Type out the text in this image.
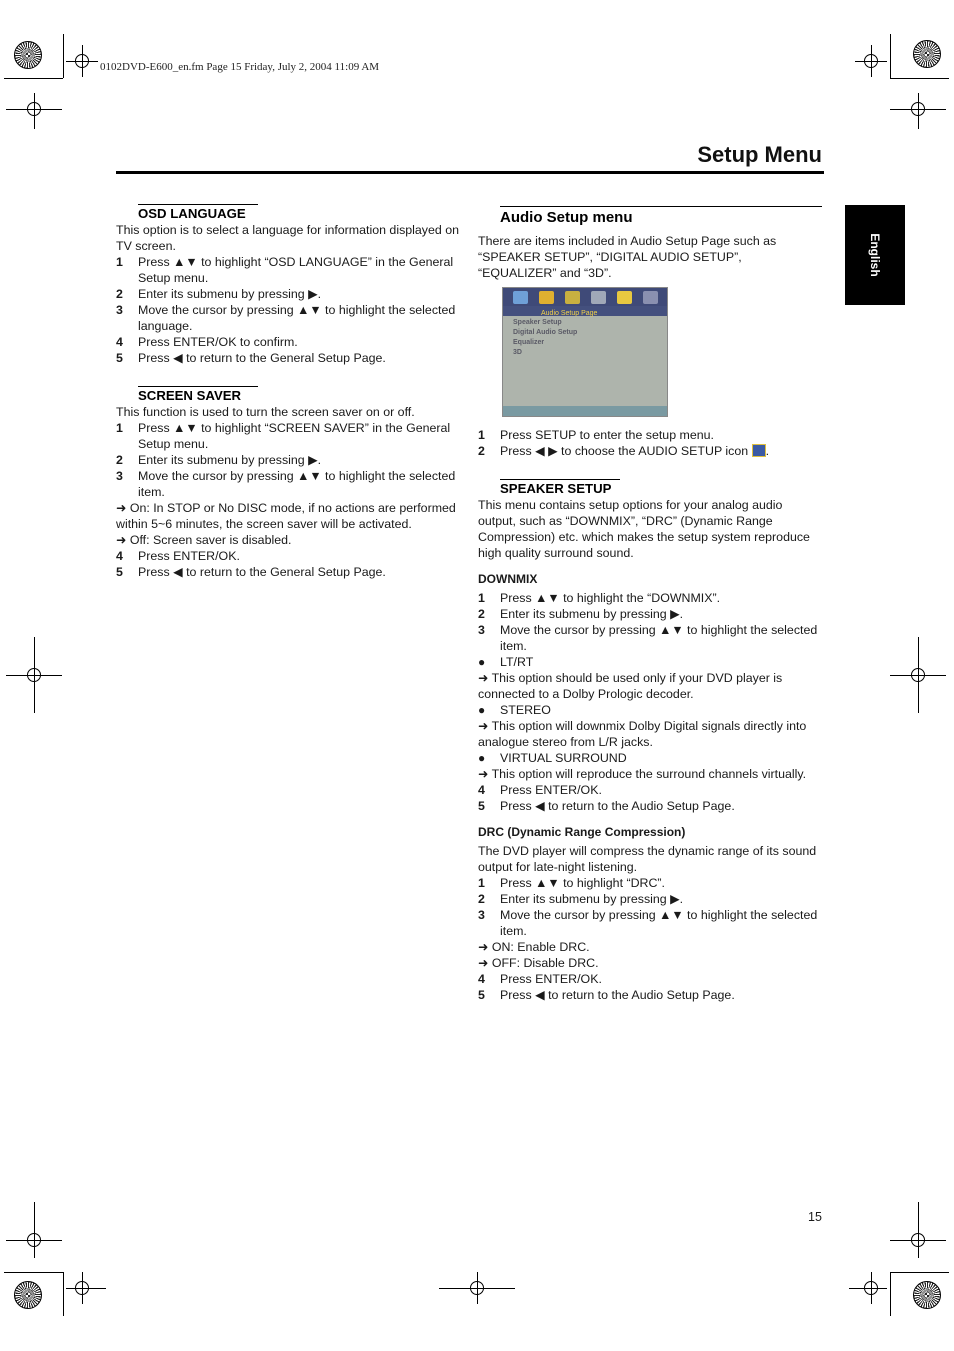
0102DVD-E600_en.fm Page 15 Friday, July 2, 2004 11:09 AM
Setup Menu
English
OSD LANGUAGE

This option is to select a language for information displayed on TV screen.

1	Press ▲▼ to highlight “OSD LANGUAGE” in the General Setup menu.
2	Enter its submenu by pressing ▶.
3	Move the cursor by pressing ▲▼ to highlight the selected language.
4	Press ENTER/OK to confirm.
5	Press ◀ to return to the General Setup Page.
SCREEN SAVER

This function is used to turn the screen saver on or off.

1	Press ▲▼ to highlight “SCREEN SAVER” in the General Setup menu.
2	Enter its submenu by pressing ▶.
3	Move the cursor by pressing ▲▼ to highlight the selected item.

➜ On: In STOP or No DISC mode, if no actions are performed within 5~6 minutes, the screen saver will be activated.

➜ Off: Screen saver is disabled.

4	Press ENTER/OK.
5	Press ◀ to return to the General Setup Page.
Audio Setup menu

There are items included in Audio Setup Page such as “SPEAKER SETUP”, “DIGITAL AUDIO SETUP”, “EQUALIZER” and “3D”.

Audio Setup Page
Speaker Setup
Digital Audio Setup
Equalizer
3D
1	Press SETUP to enter the setup menu.
2	Press ◀ ▶ to choose the AUDIO SETUP icon .
SPEAKER SETUP

This menu contains setup options for your analog audio output, such as “DOWNMIX”, “DRC” (Dynamic Range Compression) etc. which makes the setup system reproduce high quality surround sound.

DOWNMIX

1	Press ▲▼ to highlight the “DOWNMIX”.
2	Enter its submenu by pressing ▶.
3	Move the cursor by pressing ▲▼ to highlight the selected item.
●	LT/RT

➜ This option should be used only if your DVD player is connected to a Dolby Prologic decoder.

●	STEREO

➜ This option will downmix Dolby Digital signals directly into analogue stereo from L/R jacks.

●	VIRTUAL SURROUND

➜ This option will reproduce the surround channels virtually.

4	Press ENTER/OK.
5	Press ◀ to return to the Audio Setup Page.

DRC (Dynamic Range Compression)

The DVD player will compress the dynamic range of its sound output for late-night listening.

1	Press ▲▼ to highlight “DRC”.
2	Enter its submenu by pressing ▶.
3	Move the cursor by pressing ▲▼ to highlight the selected item.

➜ ON: Enable DRC.

➜ OFF: Disable DRC.

4	Press ENTER/OK.
5	Press ◀ to return to the Audio Setup Page.
15
